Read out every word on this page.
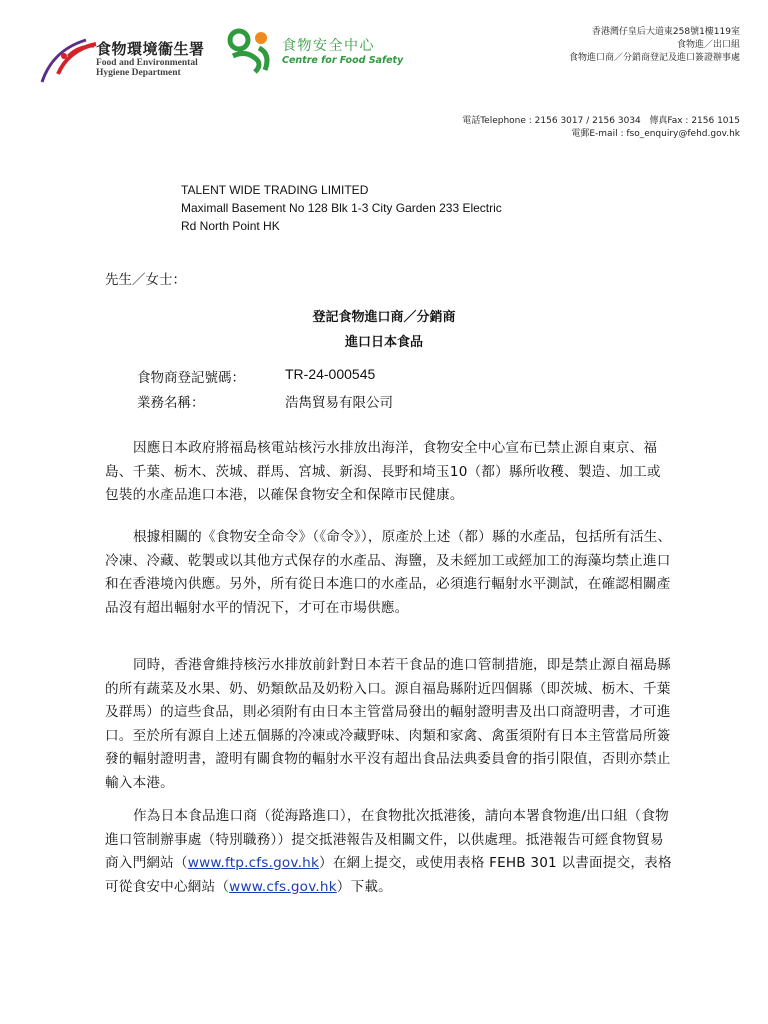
食物環境衞生署
Food and Environmental
Hygiene Department
食物安全中心
Centre for Food Safety
香港灣仔皇后大道東258號1樓119室
食物進／出口組
食物進口商／分銷商登記及進口簽證辦事處
電話Telephone : 2156 3017 / 2156 3034 傳真Fax : 2156 1015
電郵E-mail : fso_enquiry@fehd.gov.hk
TALENT WIDE TRADING LIMITED
Maximall Basement No 128 Blk 1-3 City Garden 233 Electric
Rd North Point HK
先生／女士：
登記食物進口商／分銷商
進口日本食品
食物商登記號碼：	TR-24-000545
業務名稱：	浩雋貿易有限公司

因應日本政府將福島核電站核污水排放出海洋，食物安全中心宣布已禁止源自東京、福島、千葉、栃木、茨城、群馬、宮城、新潟、長野和埼玉10（都）縣所收穫、製造、加工或包裝的水產品進口本港，以確保食物安全和保障市民健康。

根據相關的《食物安全命令》（《命令》），原產於上述（都）縣的水產品，包括所有活生、冷凍、冷藏、乾製或以其他方式保存的水產品、海鹽，及未經加工或經加工的海藻均禁止進口和在香港境內供應。另外，所有從日本進口的水產品，必須進行輻射水平測試，在確認相關產品沒有超出輻射水平的情況下，才可在市場供應。

同時，香港會維持核污水排放前針對日本若干食品的進口管制措施，即是禁止源自福島縣的所有蔬菜及水果、奶、奶類飲品及奶粉入口。源自福島縣附近四個縣（即茨城、栃木、千葉及群馬）的這些食品，則必須附有由日本主管當局發出的輻射證明書及出口商證明書，才可進口。至於所有源自上述五個縣的冷凍或冷藏野味、肉類和家禽、禽蛋須附有日本主管當局所簽發的輻射證明書，證明有關食物的輻射水平沒有超出食品法典委員會的指引限值，否則亦禁止輸入本港。

作為日本食品進口商（從海路進口），在食物批次抵港後，請向本署食物進/出口組（食物進口管制辦事處（特別職務））提交抵港報告及相關文件，以供處理。抵港報告可經食物貿易商入門網站（www.ftp.cfs.gov.hk）在網上提交，或使用表格 FEHB 301 以書面提交，表格可從食安中心網站（www.cfs.gov.hk）下載。
